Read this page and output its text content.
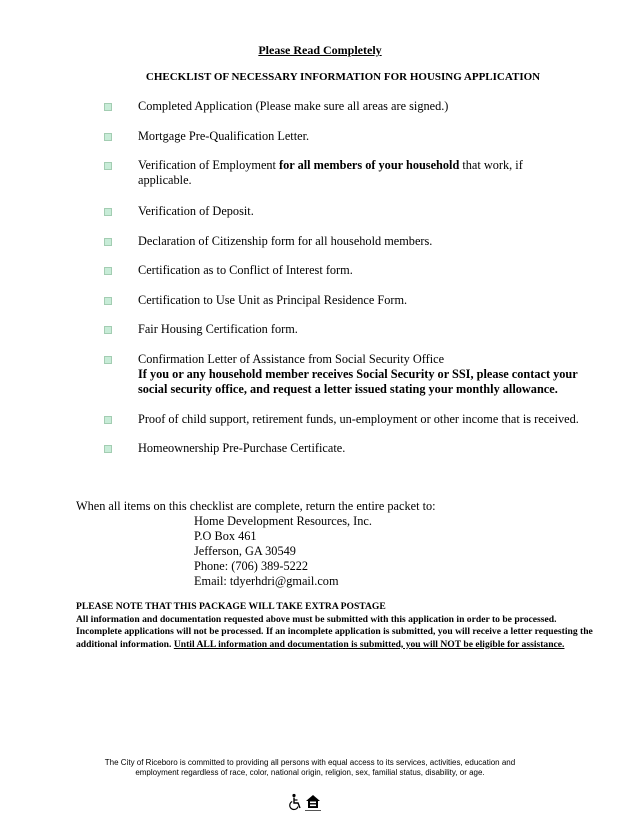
Please Read Completely
CHECKLIST OF NECESSARY INFORMATION FOR HOUSING APPLICATION
Completed Application (Please make sure all areas are signed.)
Mortgage Pre-Qualification Letter.
Verification of Employment for all members of your household that work, if applicable.
Verification of Deposit.
Declaration of Citizenship form for all household members.
Certification as to Conflict of Interest form.
Certification to Use Unit as Principal Residence Form.
Fair Housing Certification form.
Confirmation Letter of Assistance from Social Security Office
If you or any household member receives Social Security or SSI, please contact your social security office, and request a letter issued stating your monthly allowance.
Proof of child support, retirement funds, un-employment or other income that is received.
Homeownership Pre-Purchase Certificate.
When all items on this checklist are complete, return the entire packet to:
Home Development Resources, Inc.
P.O Box 461
Jefferson, GA 30549
Phone: (706) 389-5222
Email: tdyerhdri@gmail.com
PLEASE NOTE THAT THIS PACKAGE WILL TAKE EXTRA POSTAGE
All information and documentation requested above must be submitted with this application in order to be processed. Incomplete applications will not be processed. If an incomplete application is submitted, you will receive a letter requesting the additional information. Until ALL information and documentation is submitted, you will NOT be eligible for assistance.
The City of Riceboro is committed to providing all persons with equal access to its services, activities, education and
employment regardless of race, color, national origin, religion, sex, familial status, disability, or age.
